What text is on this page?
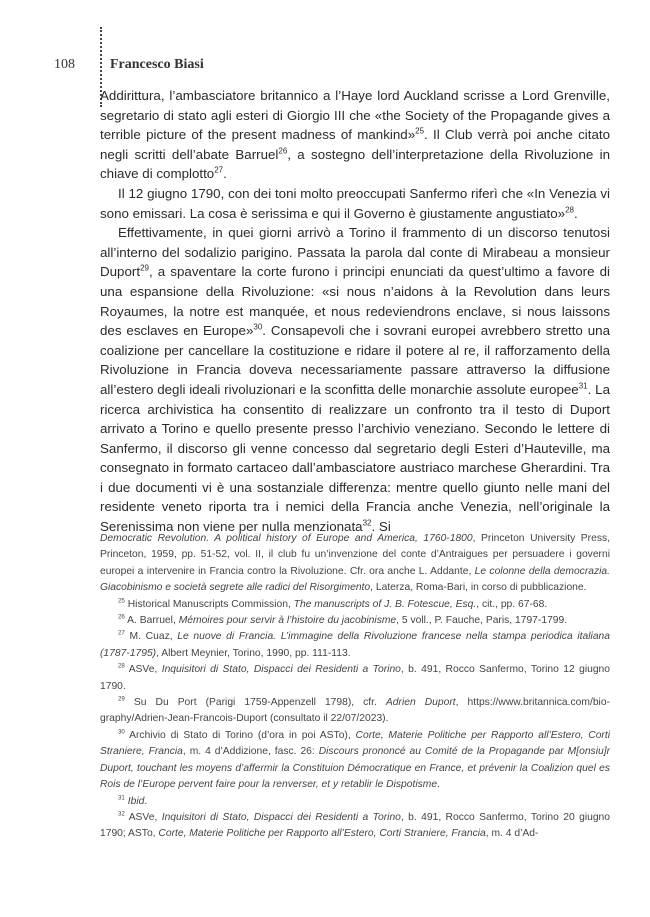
108	Francesco Biasi

Addirittura, l’ambasciatore britannico a l’Haye lord Auckland scrisse a Lord Grenville, segretario di stato agli esteri di Giorgio III che «the Society of the Propagande gives a terrible picture of the present madness of mankind»$^{25}$. Il Club verrà poi anche citato negli scritti dell’abate Barruel$^{26}$, a sostegno dell’interpretazione della Rivoluzione in chiave di complotto$^{27}$.

Il 12 giugno 1790, con dei toni molto preoccupati Sanfermo riferì che «In Venezia vi sono emissari. La cosa è serissima e qui il Governo è giustamente angustiato»$^{28}$.

Effettivamente, in quei giorni arrivò a Torino il frammento di un discorso tenutosi all’interno del sodalizio parigino. Passata la parola dal conte di Mirabeau a monsieur Duport$^{29}$, a spaventare la corte furono i principi enunciati da quest’ultimo a favore di una espansione della Rivoluzione: «si nous n’aidons à la Revolution dans leurs Royaumes, la notre est manquée, et nous redeviendrons enclave, si nous laissons des esclaves en Europe»$^{30}$. Consapevoli che i sovrani europei avrebbero stretto una coalizione per cancellare la costituzione e ridare il potere al re, il rafforzamento della Rivoluzione in Francia doveva necessariamente passare attraverso la diffusione all’estero degli ideali rivoluzionari e la sconfitta delle monarchie assolute europee$^{31}$. La ricerca archivistica ha consentito di realizzare un confronto tra il testo di Duport arrivato a Torino e quello presente presso l’archivio veneziano. Secondo le lettere di Sanfermo, il discorso gli venne concesso dal segretario degli Esteri d’Hauteville, ma consegnato in formato cartaceo dall’ambasciatore austriaco marchese Gherardini. Tra i due documenti vi è una sostanziale differenza: mentre quello giunto nelle mani del residente veneto riporta tra i nemici della Francia anche Venezia, nell’originale la Serenissima non viene per nulla menzionata$^{32}$. Si

Democratic Revolution. A political history of Europe and America, 1760-1800, Princeton University Press, Princeton, 1959, pp. 51-52, vol. II, il club fu un’invenzione del conte d’Antraigues per persuadere i governi europei a intervenire in Francia contro la Rivoluzione. Cfr. ora anche L. Addante, Le colonne della democrazia. Giacobinismo e società segrete alle radici del Risorgimento, Laterza, Roma-Bari, in corso di pubblicazione.

$^{25}$ Historical Manuscripts Commission, The manuscripts of J. B. Fotescue, Esq., cit., pp. 67-68.

$^{26}$ A. Barruel, Mémoires pour servir à l’histoire du jacobinisme, 5 voll., P. Fauche, Paris, 1797-1799.

$^{27}$ M. Cuaz, Le nuove di Francia. L’immagine della Rivoluzione francese nella stampa periodica italiana (1787-1795), Albert Meynier, Torino, 1990, pp. 111-113.

$^{28}$ ASVe, Inquisitori di Stato, Dispacci dei Residenti a Torino, b. 491, Rocco Sanfermo, Torino 12 giugno 1790.

$^{29}$ Su Du Port (Parigi 1759-Appenzell 1798), cfr. Adrien Duport, https://www.britannica.com/biography/Adrien-Jean-Francois-Duport (consultato il 22/07/2023).

$^{30}$ Archivio di Stato di Torino (d’ora in poi ASTo), Corte, Materie Politiche per Rapporto all’Estero, Corti Straniere, Francia, m. 4 d’Addizione, fasc. 26: Discours prononcé au Comité de la Propagande par M[onsiu]r Duport, touchant les moyens d’affermir la Constituion Démocratique en France, et prévenir la Coalizion quel es Rois de l’Europe pervent faire pour la renverser, et y retablir le Dispotisme.

$^{31}$ Ibid.

$^{32}$ ASVe, Inquisitori di Stato, Dispacci dei Residenti a Torino, b. 491, Rocco Sanfermo, Torino 20 giugno 1790; ASTo, Corte, Materie Politiche per Rapporto all’Estero, Corti Straniere, Francia, m. 4 d’Ad-
